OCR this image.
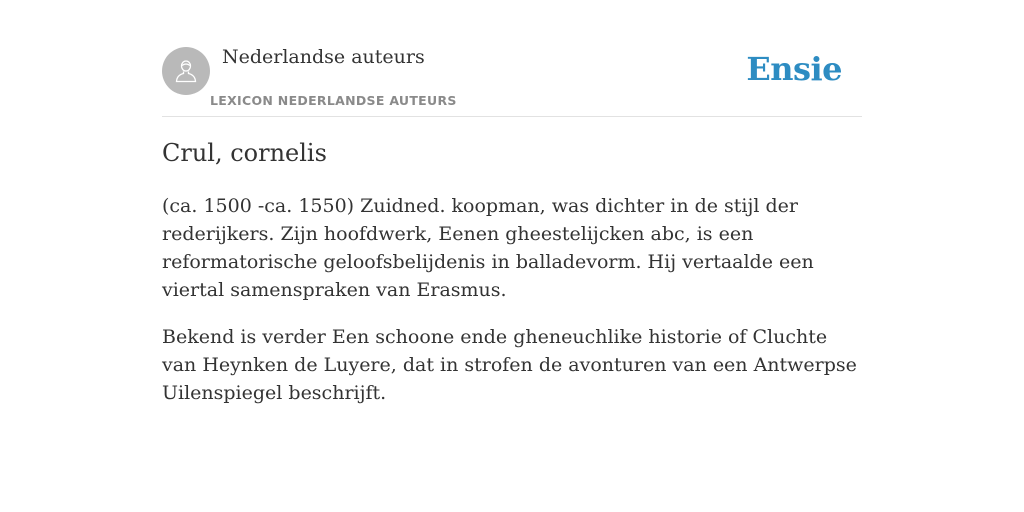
Nederlandse auteurs
LEXICON NEDERLANDSE AUTEURS
Ensie
Crul, cornelis

(ca. 1500 -ca. 1550) Zuidned. koopman, was dichter in de stijl der rederijkers. Zijn hoofdwerk, Eenen gheestelijcken abc, is een reformatorische geloofsbelijdenis in balladevorm. Hij vertaalde een viertal samenspraken van Erasmus.

Bekend is verder Een schoone ende gheneuchlike historie of Cluchte van Heynken de Luyere, dat in strofen de avonturen van een Antwerpse Uilenspiegel beschrijft.
